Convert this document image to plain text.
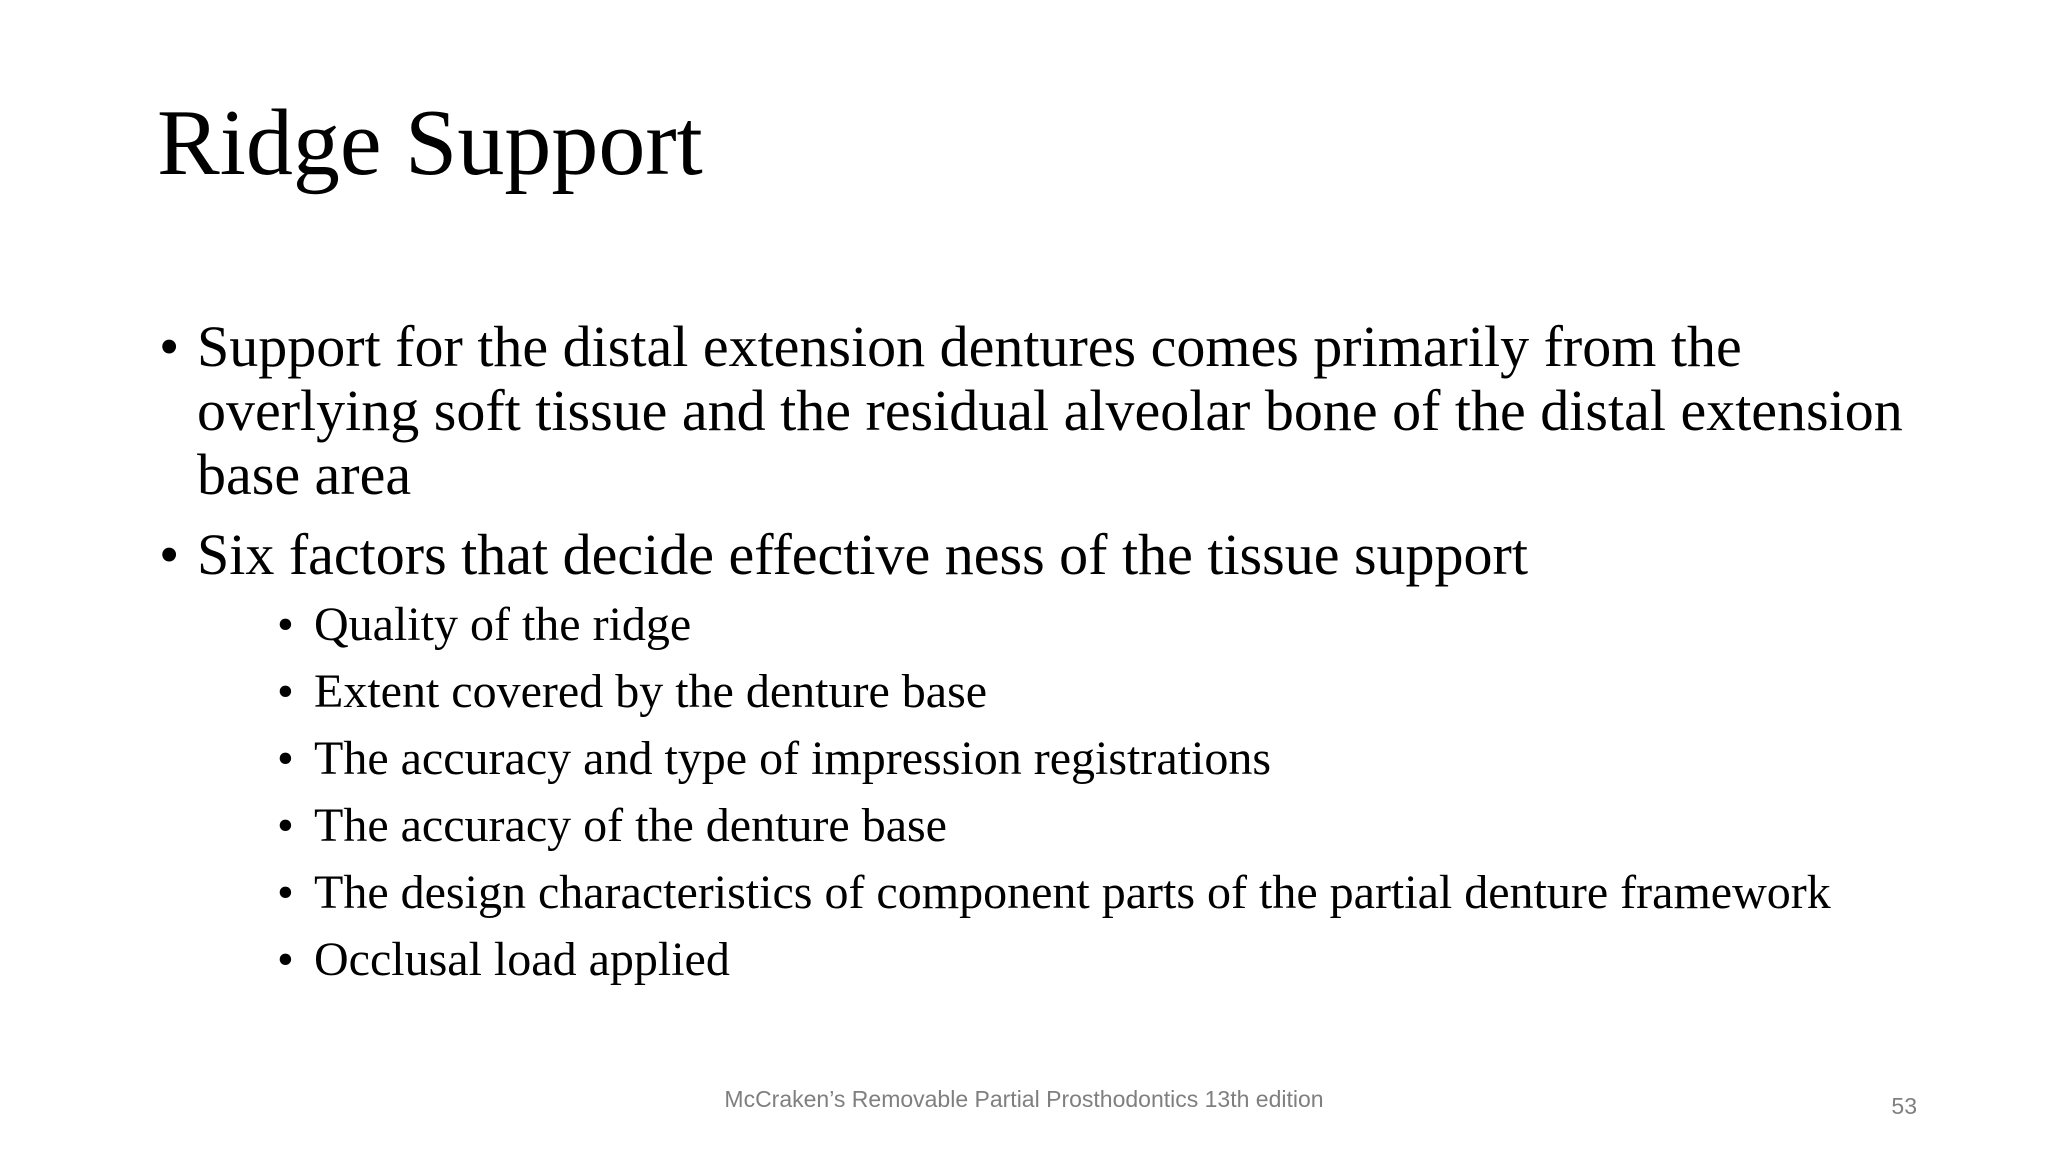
Ridge Support
• Support for the distal extension dentures comes primarily from the overlying soft tissue and the residual alveolar bone of the distal extension base area
• Six factors that decide effective ness of the tissue support
• Quality of the ridge
• Extent covered by the denture base
• The accuracy and type of impression registrations
• The accuracy of the denture base
• The design characteristics of component parts of the partial denture framework
• Occlusal load applied
McCraken’s Removable Partial Prosthodontics 13th edition	53
